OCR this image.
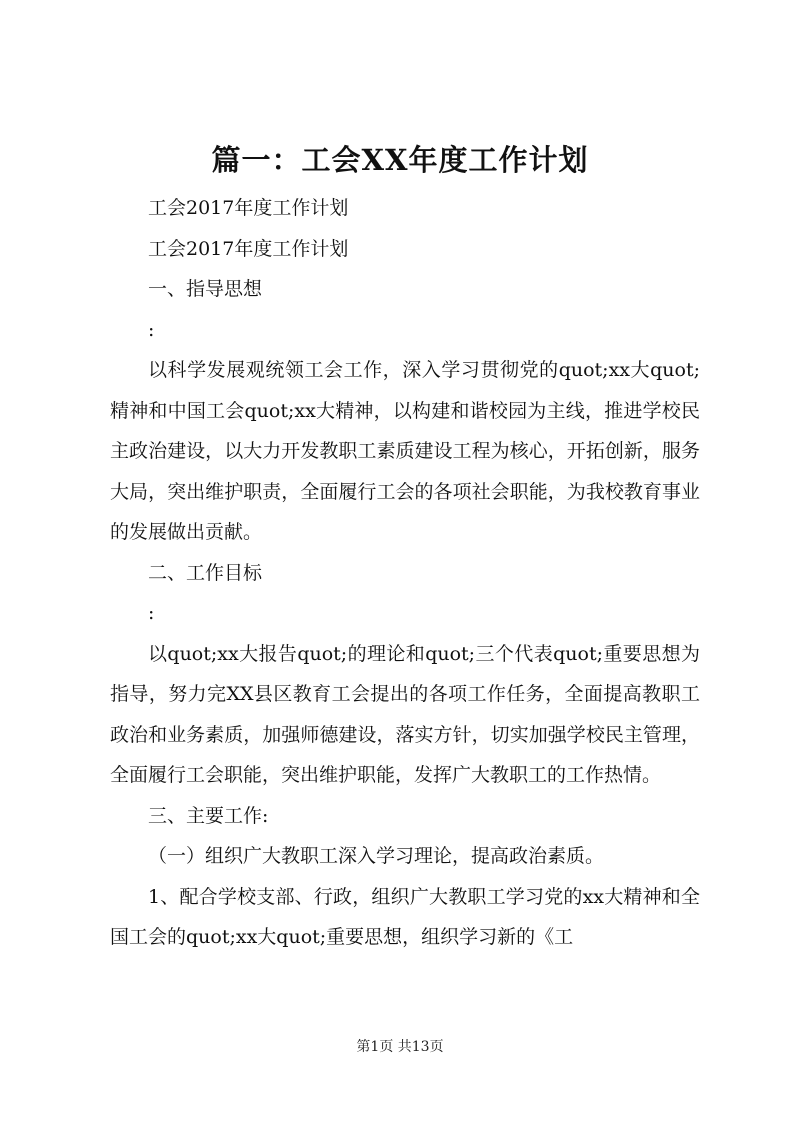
篇一：工会XX年度工作计划

工会2017年度工作计划

工会2017年度工作计划

一、指导思想

:

以科学发展观统领工会工作，深入学习贯彻党的quot;xx大quot;精神和中国工会quot;xx大精神，以构建和谐校园为主线，推进学校民主政治建设，以大力开发教职工素质建设工程为核心，开拓创新，服务大局，突出维护职责，全面履行工会的各项社会职能，为我校教育事业的发展做出贡献。

二、工作目标

:

以quot;xx大报告quot;的理论和quot;三个代表quot;重要思想为指导，努力完XX县区教育工会提出的各项工作任务，全面提高教职工政治和业务素质，加强师德建设，落实方针，切实加强学校民主管理，全面履行工会职能，突出维护职能，发挥广大教职工的工作热情。

三、主要工作:

（一）组织广大教职工深入学习理论，提高政治素质。

1、配合学校支部、行政，组织广大教职工学习党的xx大精神和全国工会的quot;xx大quot;重要思想，组织学习新的《工

第1页 共13页
